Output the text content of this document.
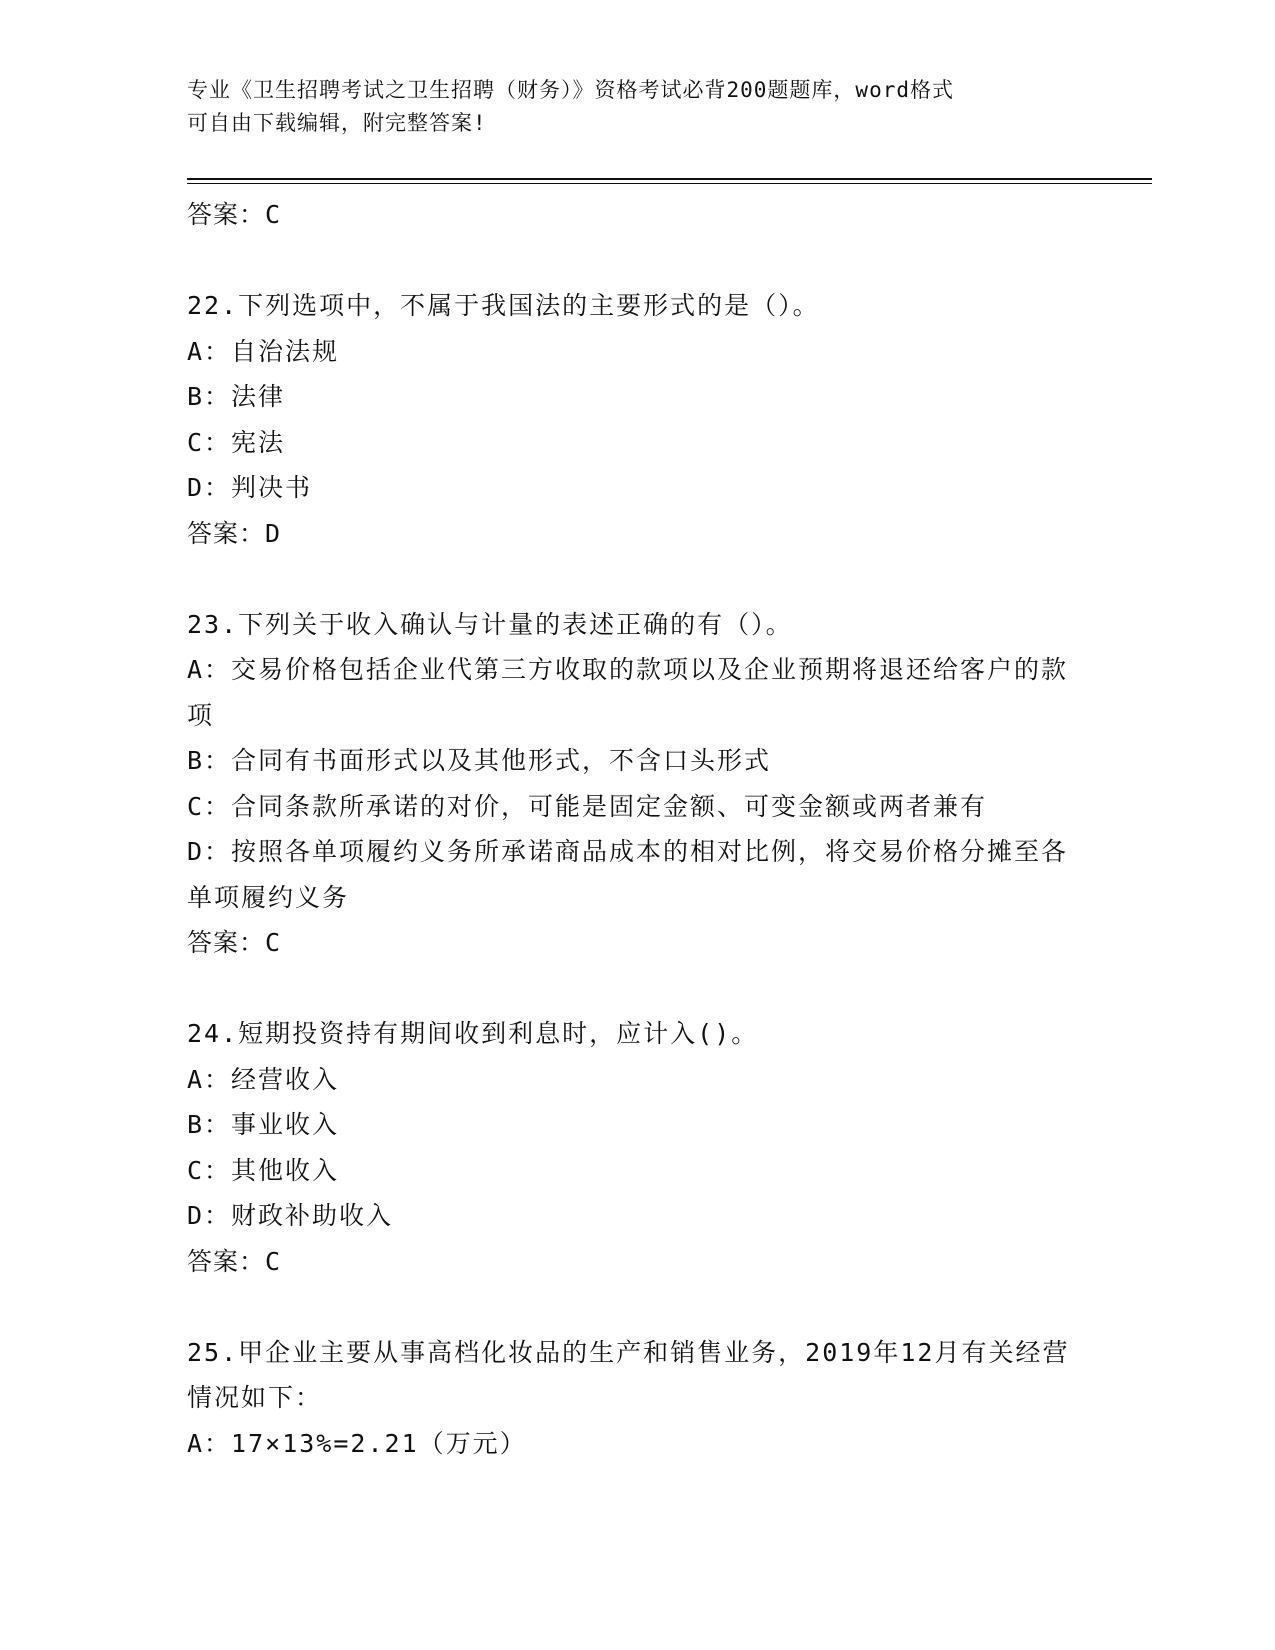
专业《卫生招聘考试之卫生招聘（财务）》资格考试必背200题题库，word格式
可自由下载编辑，附完整答案!
答案：C
22.下列选项中，不属于我国法的主要形式的是（）。
A：自治法规
B：法律
C：宪法
D：判决书
答案：D
23.下列关于收入确认与计量的表述正确的有（）。
A：交易价格包括企业代第三方收取的款项以及企业预期将退还给客户的款项
B：合同有书面形式以及其他形式，不含口头形式
C：合同条款所承诺的对价，可能是固定金额、可变金额或两者兼有
D：按照各单项履约义务所承诺商品成本的相对比例，将交易价格分摊至各单项履约义务
答案：C
24.短期投资持有期间收到利息时，应计入()。
A：经营收入
B：事业收入
C：其他收入
D：财政补助收入
答案：C
25.甲企业主要从事高档化妆品的生产和销售业务，2019年12月有关经营情况如下：
A：17×13%=2.21（万元）
